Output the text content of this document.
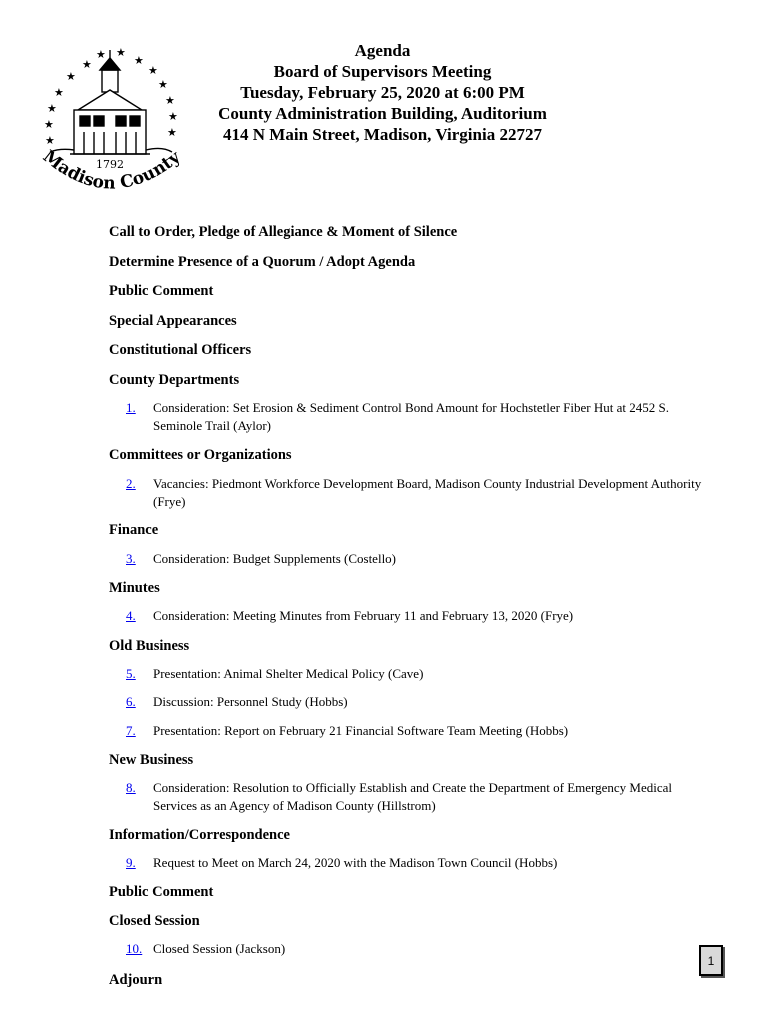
★
★ ★
★
★
★
★
★
★
★
★
★
★
★
1792
Madison County
Agenda
Board of Supervisors Meeting
Tuesday, February 25, 2020 at 6:00 PM
County Administration Building, Auditorium
414 N Main Street, Madison, Virginia 22727
Call to Order, Pledge of Allegiance & Moment of Silence
Determine Presence of a Quorum / Adopt Agenda
Public Comment
Special Appearances
Constitutional Officers
County Departments
1. Consideration: Set Erosion & Sediment Control Bond Amount for Hochstetler Fiber Hut at 2452 S. Seminole Trail (Aylor)
Committees or Organizations
2. Vacancies: Piedmont Workforce Development Board, Madison County Industrial Development Authority (Frye)
Finance
3. Consideration: Budget Supplements (Costello)
Minutes
4. Consideration: Meeting Minutes from February 11 and February 13, 2020 (Frye)
Old Business
5. Presentation: Animal Shelter Medical Policy (Cave)
6. Discussion: Personnel Study (Hobbs)
7. Presentation: Report on February 21 Financial Software Team Meeting (Hobbs)
New Business
8. Consideration: Resolution to Officially Establish and Create the Department of Emergency Medical Services as an Agency of Madison County (Hillstrom)
Information/Correspondence
9. Request to Meet on March 24, 2020 with the Madison Town Council (Hobbs)
Public Comment
Closed Session
10. Closed Session (Jackson)
Adjourn
1
